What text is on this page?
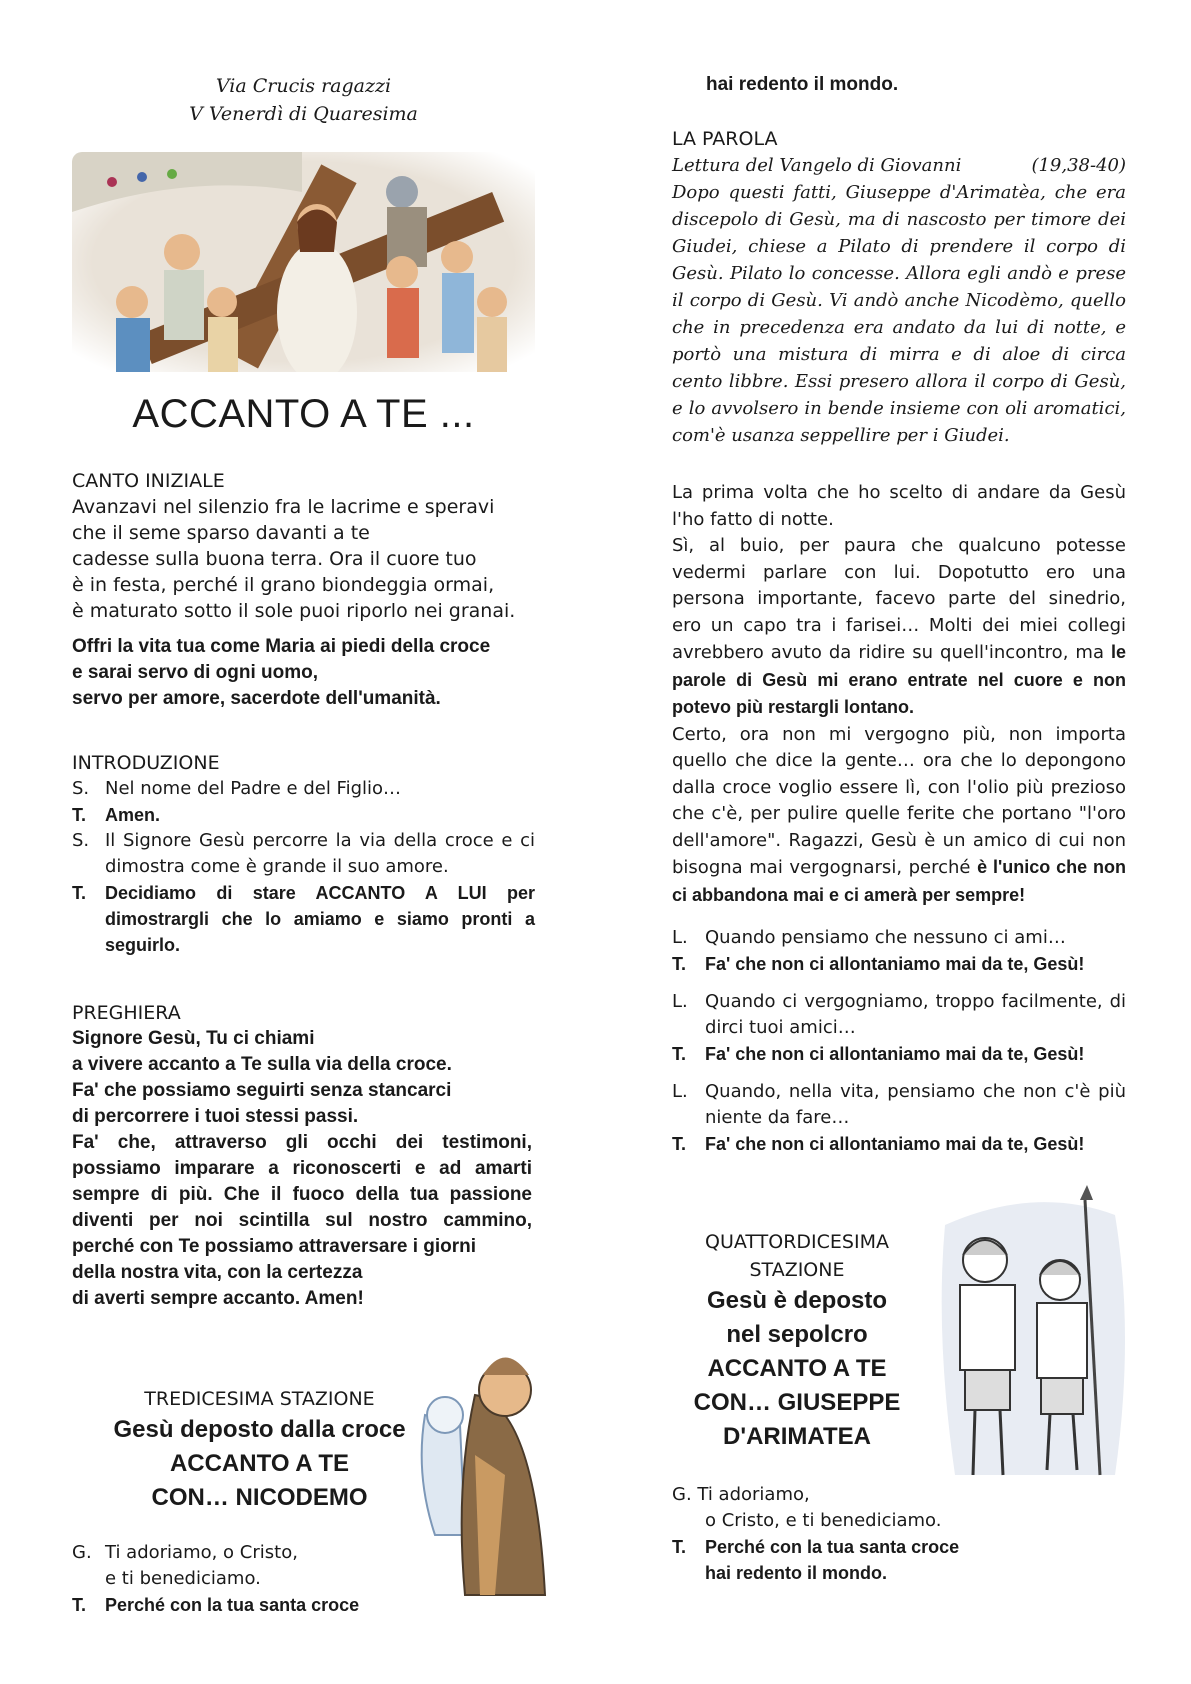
Via Crucis ragazzi
V Venerdì di Quaresima
ACCANTO A TE ...

CANTO INIZIALE

Avanzavi nel silenzio fra le lacrime e speravi

che il seme sparso davanti a te

cadesse sulla buona terra. Ora il cuore tuo

è in festa, perché il grano biondeggia ormai,

è maturato sotto il sole puoi riporlo nei granai.

Offri la vita tua come Maria ai piedi della croce

e sarai servo di ogni uomo,

servo per amore, sacerdote dell'umanità.

INTRODUZIONE

S. Nel nome del Padre e del Figlio…
T.	Amen.
S. Il Signore Gesù percorre la via della croce e ci dimostra come è grande il suo amore.
T.	Decidiamo di stare ACCANTO A LUI per dimostrargli che lo amiamo e siamo pronti a seguirlo.

PREGHIERA

Signore Gesù, Tu ci chiami

a vivere accanto a Te sulla via della croce.

Fa' che possiamo seguirti senza stancarci

di percorrere i tuoi stessi passi.

Fa' che, attraverso gli occhi dei testimoni, possiamo imparare a riconoscerti e ad amarti sempre di più. Che il fuoco della tua passione diventi per noi scintilla sul nostro cammino, perché con Te possiamo attraversare i giorni

della nostra vita, con la certezza

di averti sempre accanto. Amen!

TREDICESIMA STAZIONE
Gesù deposto dalla croce
ACCANTO A TE
CON… NICODEMO
G. Ti adoriamo, o Cristo,
e ti benediciamo.
T.	Perché con la tua santa croce
hai redento il mondo.

LA PAROLA

Lettura del Vangelo di Giovanni	(19,38-40)

Dopo questi fatti, Giuseppe d'Arimatèa, che era discepolo di Gesù, ma di nascosto per timore dei Giudei, chiese a Pilato di prendere il corpo di Gesù. Pilato lo concesse. Allora egli andò e prese il corpo di Gesù. Vi andò anche Nicodèmo, quello che in precedenza era andato da lui di notte, e portò una mistura di mirra e di aloe di circa cento libbre. Essi presero allora il corpo di Gesù, e lo avvolsero in bende insieme con oli aromatici, com'è usanza seppellire per i Giudei.

La prima volta che ho scelto di andare da Gesù l'ho fatto di notte.

Sì, al buio, per paura che qualcuno potesse vedermi parlare con lui. Dopotutto ero una persona importante, facevo parte del sinedrio, ero un capo tra i farisei… Molti dei miei collegi avrebbero avuto da ridire su quell'incontro, ma le parole di Gesù mi erano entrate nel cuore e non potevo più restargli lontano.

Certo, ora non mi vergogno più, non importa quello che dice la gente… ora che lo depongono dalla croce voglio essere lì, con l'olio più prezioso che c'è, per pulire quelle ferite che portano "l'oro dell'amore". Ragazzi, Gesù è un amico di cui non bisogna mai vergognarsi, perché è l'unico che non ci abbandona mai e ci amerà per sempre!

L. Quando pensiamo che nessuno ci ami…
T.	Fa' che non ci allontaniamo mai da te, Gesù!
L. Quando ci vergogniamo, troppo facilmente, di dirci tuoi amici…
T.	Fa' che non ci allontaniamo mai da te, Gesù!
L. Quando, nella vita, pensiamo che non c'è più niente da fare…
T.	Fa' che non ci allontaniamo mai da te, Gesù!
QUATTORDICESIMA
STAZIONE
Gesù è deposto
nel sepolcro
ACCANTO A TE
CON… GIUSEPPE
D'ARIMATEA

G. Ti adoriamo,

o Cristo, e ti benediciamo.

T.	Perché con la tua santa croce

hai redento il mondo.
